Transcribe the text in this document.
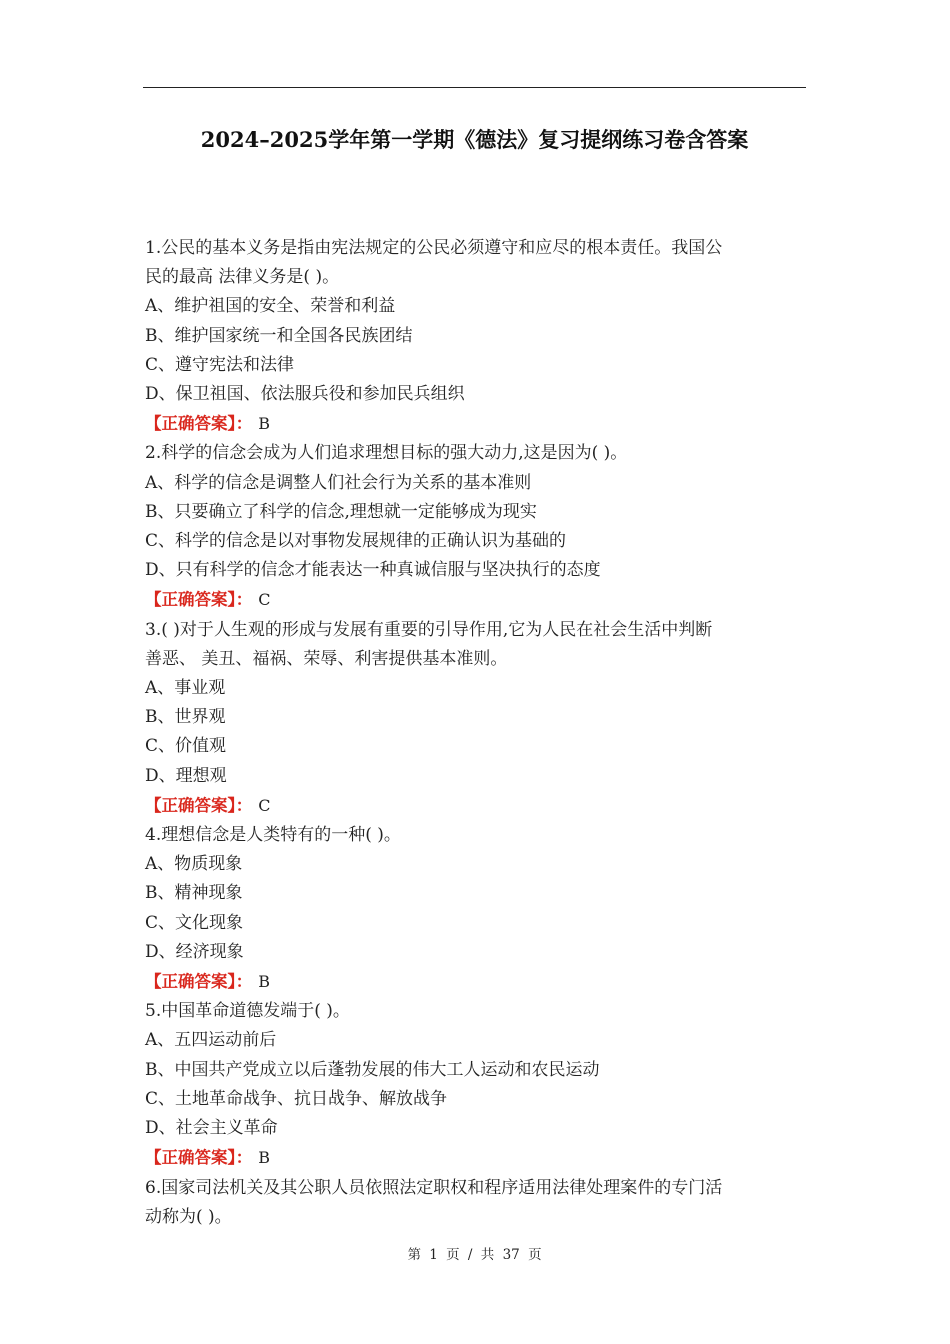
2024–2025学年第一学期《德法》复习提纲练习卷含答案
1.公民的基本义务是指由宪法规定的公民必须遵守和应尽的根本责任。我国公
民的最高 法律义务是( )。
A、维护祖国的安全、荣誉和利益
B、维护国家统一和全国各民族团结
C、遵守宪法和法律
D、保卫祖国、依法服兵役和参加民兵组织
【正确答案】： B
2.科学的信念会成为人们追求理想目标的强大动力,这是因为( )。
A、科学的信念是调整人们社会行为关系的基本准则
B、只要确立了科学的信念,理想就一定能够成为现实
C、科学的信念是以对事物发展规律的正确认识为基础的
D、只有科学的信念才能表达一种真诚信服与坚决执行的态度
【正确答案】： C
3.( )对于人生观的形成与发展有重要的引导作用,它为人民在社会生活中判断
善恶、 美丑、福祸、荣辱、利害提供基本准则。
A、事业观
B、世界观
C、价值观
D、理想观
【正确答案】： C
4.理想信念是人类特有的一种( )。
A、物质现象
B、精神现象
C、文化现象
D、经济现象
【正确答案】： B
5.中国革命道德发端于( )。
A、五四运动前后
B、中国共产党成立以后蓬勃发展的伟大工人运动和农民运动
C、土地革命战争、抗日战争、解放战争
D、社会主义革命
【正确答案】： B
6.国家司法机关及其公职人员依照法定职权和程序适用法律处理案件的专门活
动称为( )。
第 1 页 / 共 37 页
